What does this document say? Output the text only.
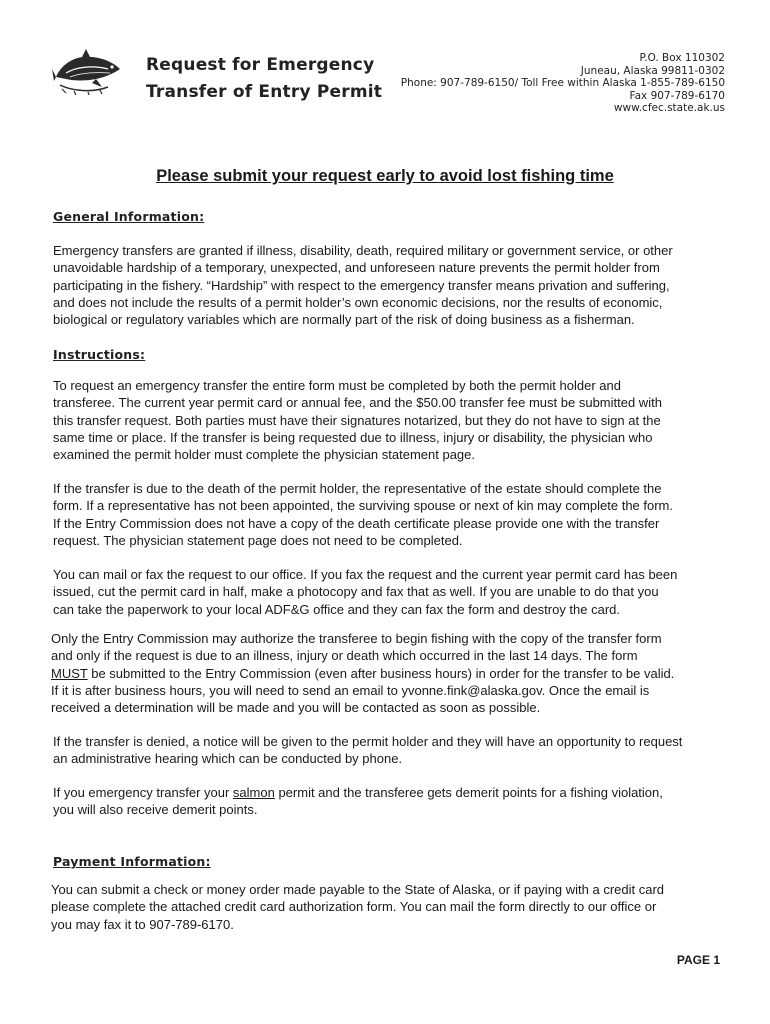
Request for Emergency
Transfer of Entry Permit
P.O. Box 110302
Juneau, Alaska 99811-0302
Phone: 907-789-6150/ Toll Free within Alaska 1-855-789-6150
Fax 907-789-6170
www.cfec.state.ak.us
Please submit your request early to avoid lost fishing time
General Information:

Emergency transfers are granted if illness, disability, death, required military or government service, or other

unavoidable hardship of a temporary, unexpected, and unforeseen nature prevents the permit holder from

participating in the fishery. “Hardship” with respect to the emergency transfer means privation and suffering,

and does not include the results of a permit holder’s own economic decisions, nor the results of economic,

biological or regulatory variables which are normally part of the risk of doing business as a fisherman.

Instructions:

To request an emergency transfer the entire form must be completed by both the permit holder and

transferee. The current year permit card or annual fee, and the $50.00 transfer fee must be submitted with

this transfer request. Both parties must have their signatures notarized, but they do not have to sign at the

same time or place. If the transfer is being requested due to illness, injury or disability, the physician who

examined the permit holder must complete the physician statement page.

If the transfer is due to the death of the permit holder, the representative of the estate should complete the

form. If a representative has not been appointed, the surviving spouse or next of kin may complete the form.

If the Entry Commission does not have a copy of the death certificate please provide one with the transfer

request. The physician statement page does not need to be completed.

You can mail or fax the request to our office. If you fax the request and the current year permit card has been

issued, cut the permit card in half, make a photocopy and fax that as well. If you are unable to do that you

can take the paperwork to your local ADF&G office and they can fax the form and destroy the card.

Only the Entry Commission may authorize the transferee to begin fishing with the copy of the transfer form

and only if the request is due to an illness, injury or death which occurred in the last 14 days. The form

MUST be submitted to the Entry Commission (even after business hours) in order for the transfer to be valid.

If it is after business hours, you will need to send an email to yvonne.fink@alaska.gov. Once the email is

received a determination will be made and you will be contacted as soon as possible.

If the transfer is denied, a notice will be given to the permit holder and they will have an opportunity to request

an administrative hearing which can be conducted by phone.

If you emergency transfer your salmon permit and the transferee gets demerit points for a fishing violation,

you will also receive demerit points.

Payment Information:

You can submit a check or money order made payable to the State of Alaska, or if paying with a credit card

please complete the attached credit card authorization form. You can mail the form directly to our office or

you may fax it to 907-789-6170.

PAGE 1
